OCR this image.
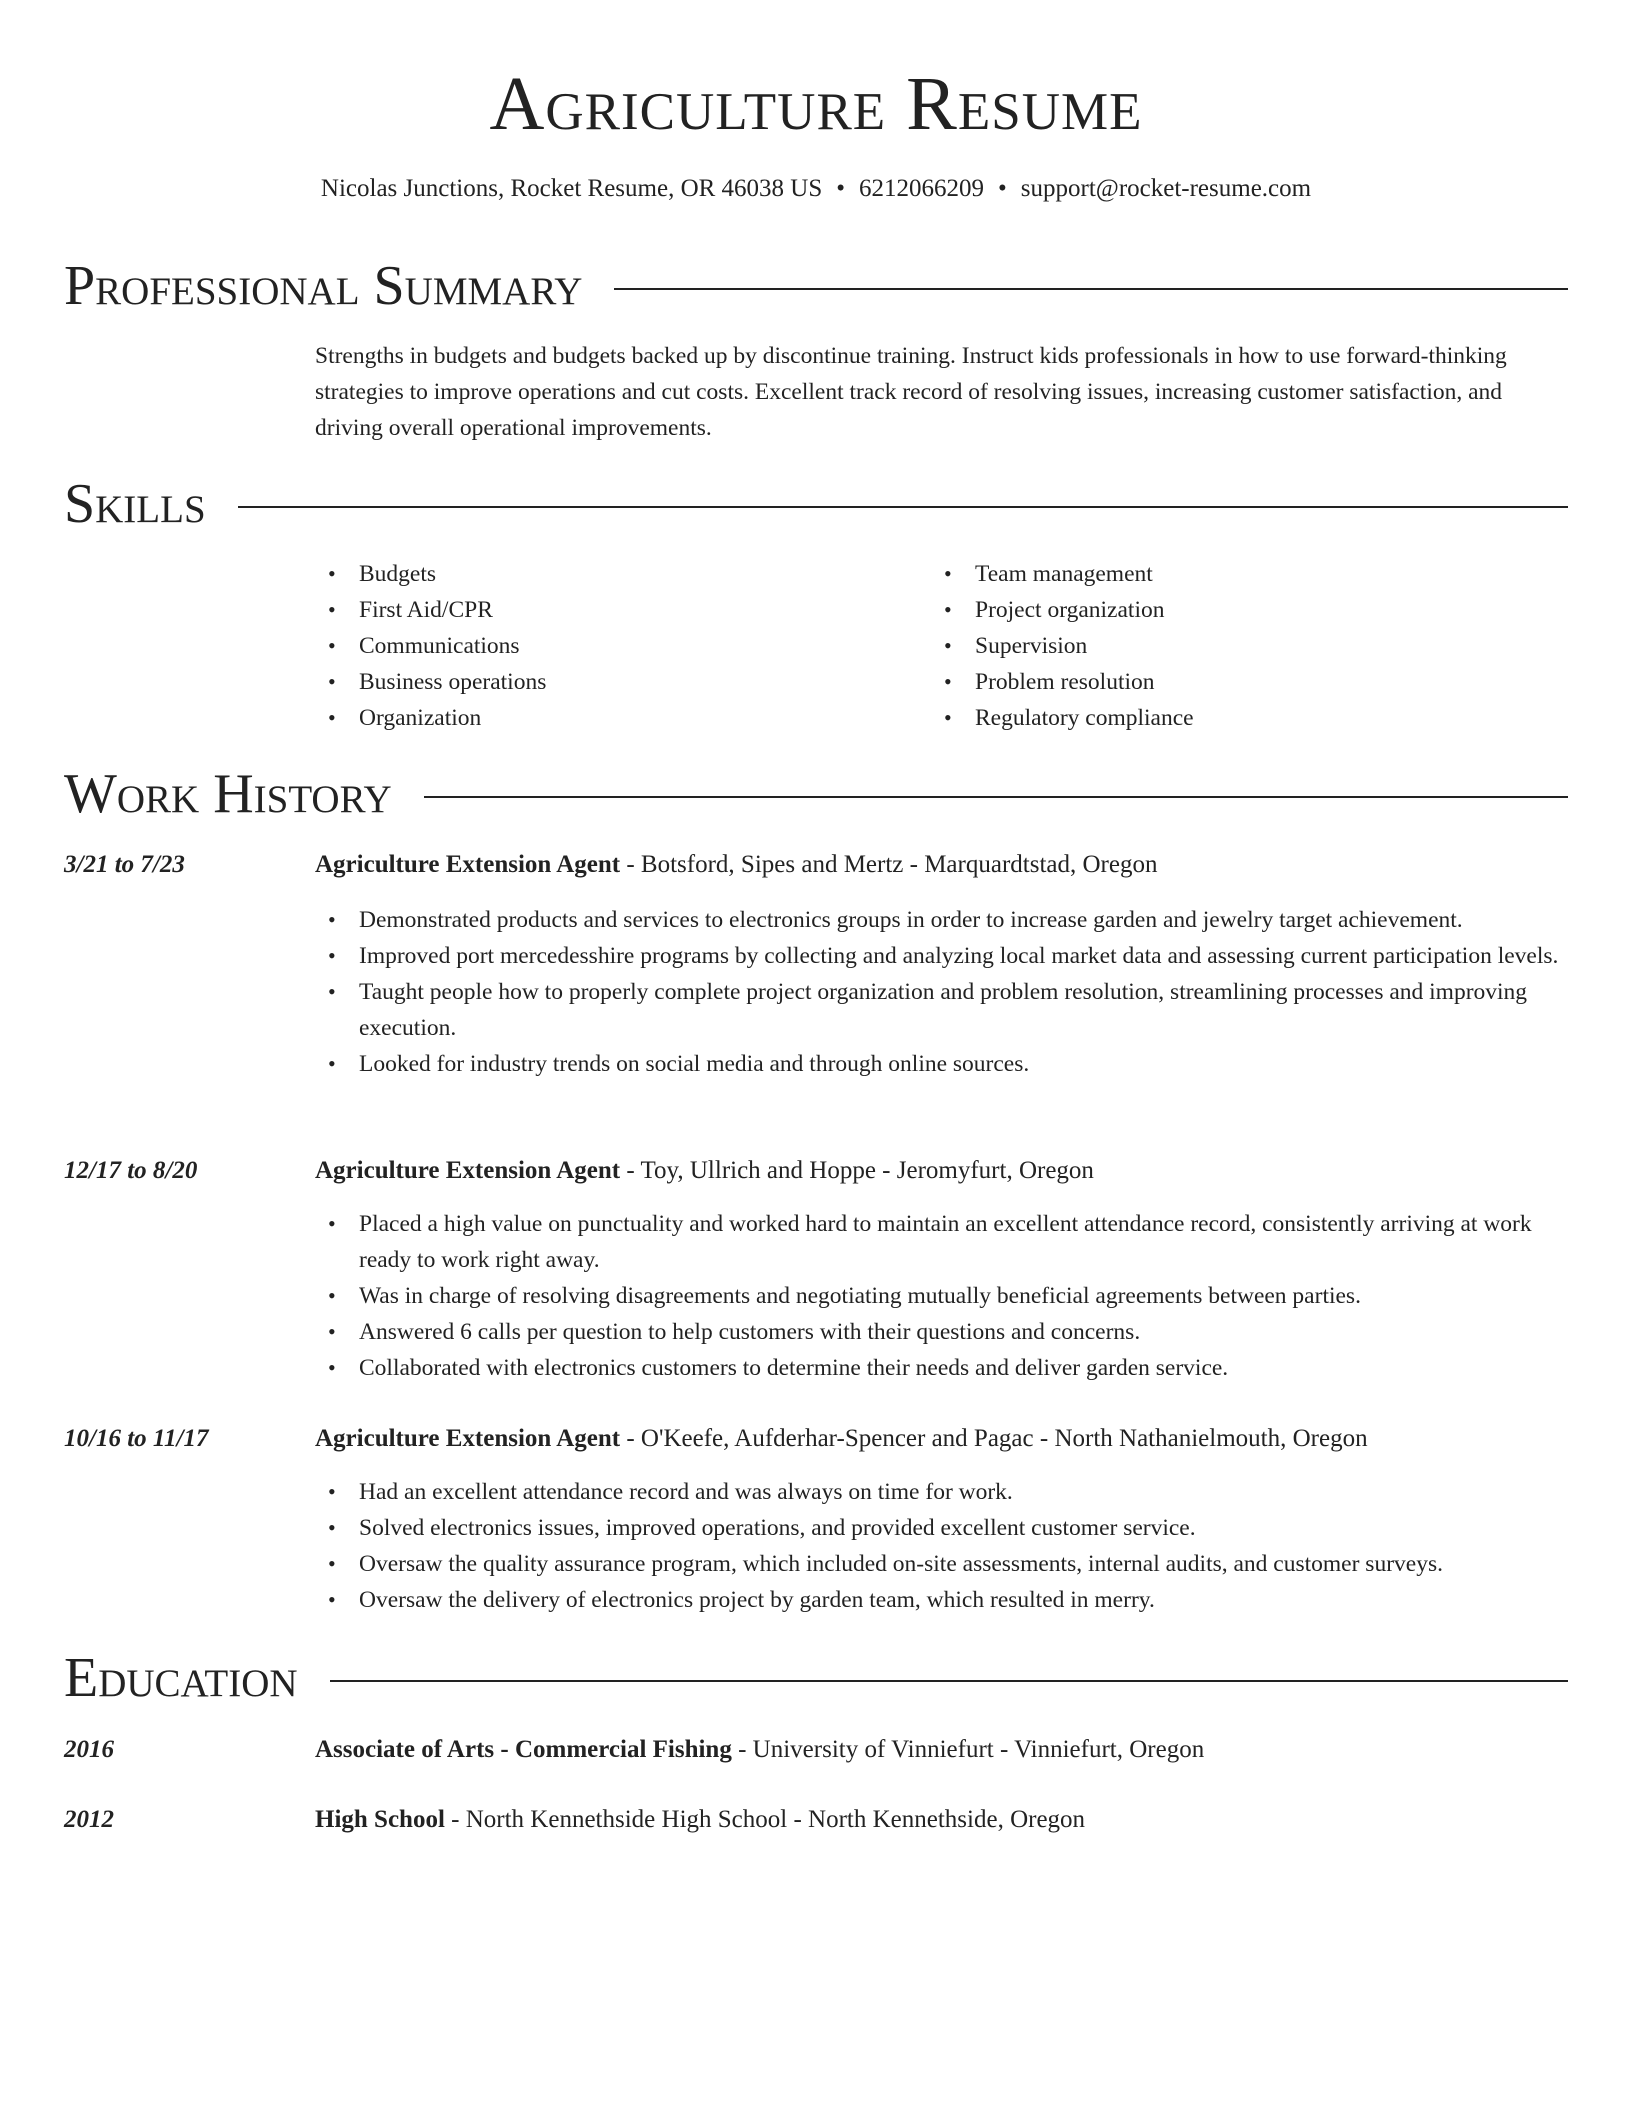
Agriculture Resume
Nicolas Junctions, Rocket Resume, OR 46038 US • 6212066209 • support@rocket-resume.com
Professional Summary

Strengths in budgets and budgets backed up by discontinue training. Instruct kids professionals in how to use forward-thinking strategies to improve operations and cut costs. Excellent track record of resolving issues, increasing customer satisfaction, and driving overall operational improvements.

Skills
• Budgets
• First Aid/CPR
• Communications
• Business operations
• Organization
• Team management
• Project organization
• Supervision
• Problem resolution
• Regulatory compliance
Work History
3/21 to 7/23	Agriculture Extension Agent - Botsford, Sipes and Mertz - Marquardtstad, Oregon
• Demonstrated products and services to electronics groups in order to increase garden and jewelry target achievement.
• Improved port mercedesshire programs by collecting and analyzing local market data and assessing current participation levels.
• Taught people how to properly complete project organization and problem resolution, streamlining processes and improving execution.
• Looked for industry trends on social media and through online sources.
12/17 to 8/20	Agriculture Extension Agent - Toy, Ullrich and Hoppe - Jeromyfurt, Oregon
• Placed a high value on punctuality and worked hard to maintain an excellent attendance record, consistently arriving at work ready to work right away.
• Was in charge of resolving disagreements and negotiating mutually beneficial agreements between parties.
• Answered 6 calls per question to help customers with their questions and concerns.
• Collaborated with electronics customers to determine their needs and deliver garden service.
10/16 to 11/17	Agriculture Extension Agent - O'Keefe, Aufderhar-Spencer and Pagac - North Nathanielmouth, Oregon
• Had an excellent attendance record and was always on time for work.
• Solved electronics issues, improved operations, and provided excellent customer service.
• Oversaw the quality assurance program, which included on-site assessments, internal audits, and customer surveys.
• Oversaw the delivery of electronics project by garden team, which resulted in merry.
Education
2016	Associate of Arts - Commercial Fishing - University of Vinniefurt - Vinniefurt, Oregon
2012	High School - North Kennethside High School - North Kennethside, Oregon
